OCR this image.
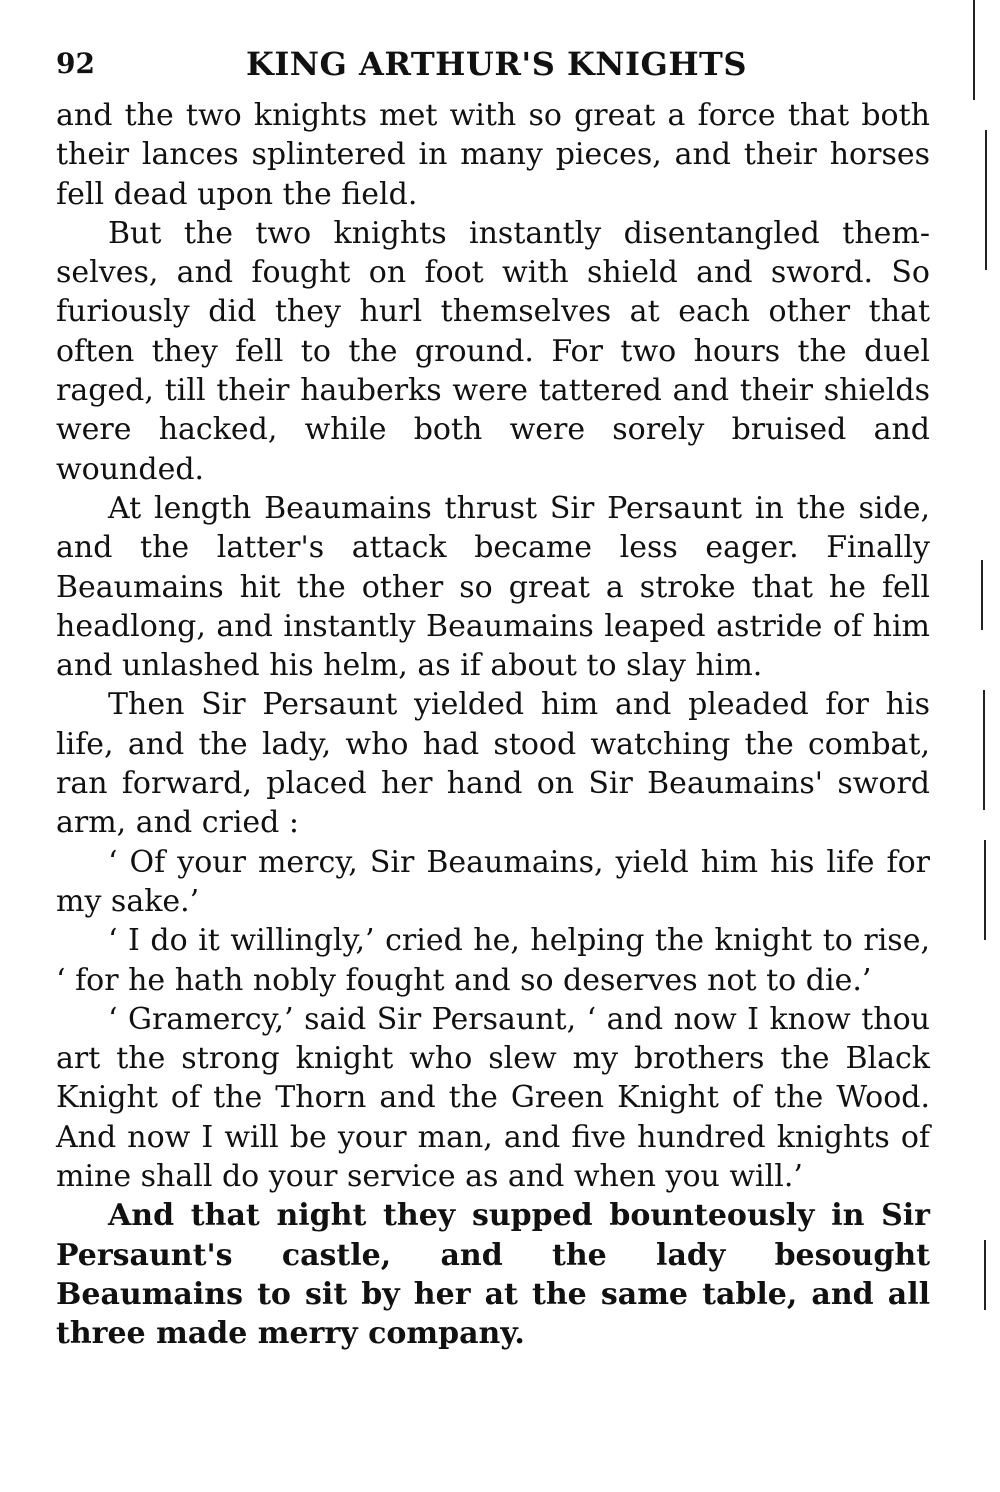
92	KING ARTHUR'S KNIGHTS

and the two knights met with so great a force that both their lances splintered in many pieces, and their horses fell dead upon the field.

But the two knights instantly disentangled themselves, and fought on foot with shield and sword. So furiously did they hurl themselves at each other that often they fell to the ground. For two hours the duel raged, till their hauberks were tattered and their shields were hacked, while both were sorely bruised and wounded.

At length Beaumains thrust Sir Persaunt in the side, and the latter's attack became less eager. Finally Beaumains hit the other so great a stroke that he fell headlong, and instantly Beaumains leaped astride of him and unlashed his helm, as if about to slay him.

Then Sir Persaunt yielded him and pleaded for his life, and the lady, who had stood watching the combat, ran forward, placed her hand on Sir Beaumains' sword arm, and cried :

‘ Of your mercy, Sir Beaumains, yield him his life for my sake.’

‘ I do it willingly,’ cried he, helping the knight to rise, ‘ for he hath nobly fought and so deserves not to die.’

‘ Gramercy,’ said Sir Persaunt, ‘ and now I know thou art the strong knight who slew my brothers the Black Knight of the Thorn and the Green Knight of the Wood. And now I will be your man, and five hundred knights of mine shall do your service as and when you will.’

And that night they supped bounteously in Sir Persaunt's castle, and the lady besought Beaumains to sit by her at the same table, and all three made merry company.
